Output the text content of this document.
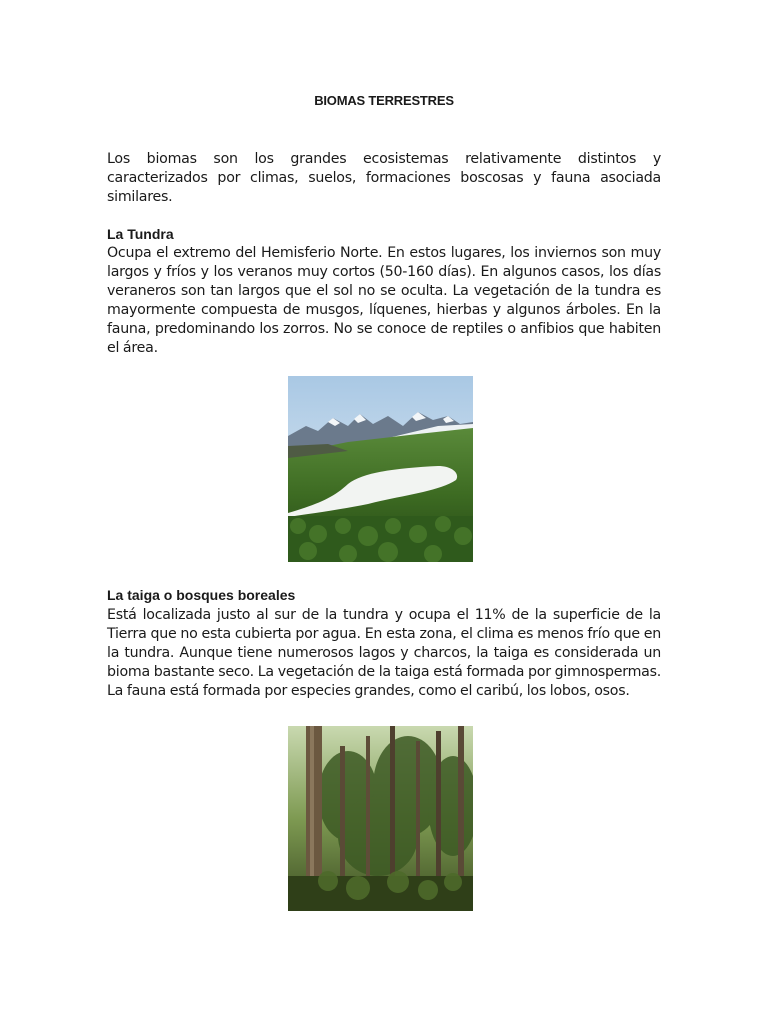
BIOMAS TERRESTRES

Los biomas son los grandes ecosistemas relativamente distintos y caracterizados por climas, suelos, formaciones boscosas y fauna asociada similares.

La Tundra

Ocupa el extremo del Hemisferio Norte. En estos lugares, los inviernos son muy largos y fríos y los veranos muy cortos (50-160 días). En algunos casos, los días veraneros son tan largos que el sol no se oculta. La vegetación de la tundra es mayormente compuesta de musgos, líquenes, hierbas y algunos árboles. En la fauna, predominando los zorros. No se conoce de reptiles o anfibios que habiten el área.

La taiga o bosques boreales

Está localizada justo al sur de la tundra y ocupa el 11% de la superficie de la Tierra que no esta cubierta por agua. En esta zona, el clima es menos frío que en la tundra. Aunque tiene numerosos lagos y charcos, la taiga es considerada un bioma bastante seco. La vegetación de la taiga está formada por gimnospermas. La fauna está formada por especies grandes, como el caribú, los lobos, osos.
